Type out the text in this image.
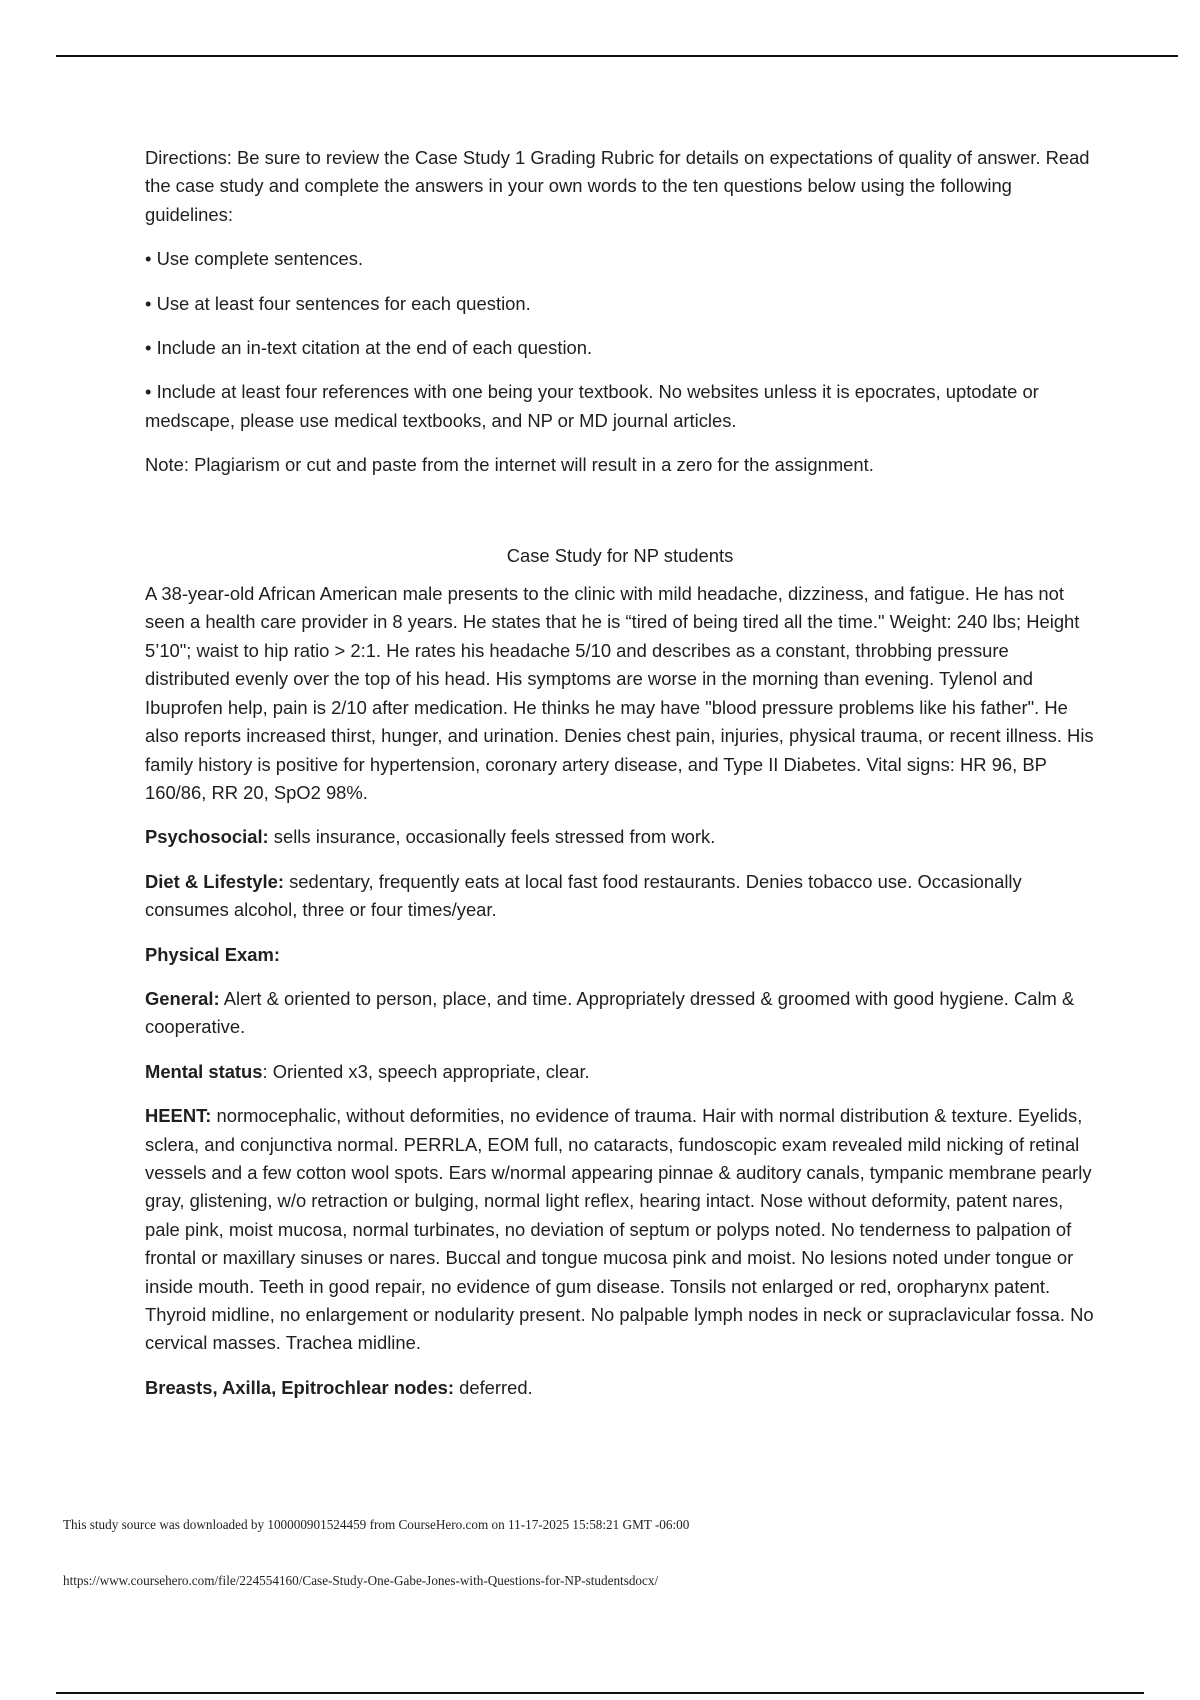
Directions: Be sure to review the Case Study 1 Grading Rubric for details on expectations of quality of answer. Read the case study and complete the answers in your own words to the ten questions below using the following guidelines:

• Use complete sentences.

• Use at least four sentences for each question.

• Include an in-text citation at the end of each question.

• Include at least four references with one being your textbook. No websites unless it is epocrates, uptodate or medscape, please use medical textbooks, and NP or MD journal articles.

Note: Plagiarism or cut and paste from the internet will result in a zero for the assignment.

Case Study for NP students

A 38-year-old African American male presents to the clinic with mild headache, dizziness, and fatigue. He has not seen a health care provider in 8 years. He states that he is “tired of being tired all the time." Weight: 240 lbs; Height 5’10"; waist to hip ratio > 2:1. He rates his headache 5/10 and describes as a constant, throbbing pressure distributed evenly over the top of his head. His symptoms are worse in the morning than evening. Tylenol and Ibuprofen help, pain is 2/10 after medication. He thinks he may have "blood pressure problems like his father". He also reports increased thirst, hunger, and urination. Denies chest pain, injuries, physical trauma, or recent illness. His family history is positive for hypertension, coronary artery disease, and Type II Diabetes. Vital signs: HR 96, BP 160/86, RR 20, SpO2 98%.

Psychosocial: sells insurance, occasionally feels stressed from work.

Diet & Lifestyle: sedentary, frequently eats at local fast food restaurants. Denies tobacco use. Occasionally consumes alcohol, three or four times/year.

Physical Exam:

General: Alert & oriented to person, place, and time. Appropriately dressed & groomed with good hygiene. Calm & cooperative.

Mental status: Oriented x3, speech appropriate, clear.

HEENT: normocephalic, without deformities, no evidence of trauma. Hair with normal distribution & texture. Eyelids, sclera, and conjunctiva normal. PERRLA, EOM full, no cataracts, fundoscopic exam revealed mild nicking of retinal vessels and a few cotton wool spots. Ears w/normal appearing pinnae & auditory canals, tympanic membrane pearly gray, glistening, w/o retraction or bulging, normal light reflex, hearing intact. Nose without deformity, patent nares, pale pink, moist mucosa, normal turbinates, no deviation of septum or polyps noted. No tenderness to palpation of frontal or maxillary sinuses or nares. Buccal and tongue mucosa pink and moist. No lesions noted under tongue or inside mouth. Teeth in good repair, no evidence of gum disease. Tonsils not enlarged or red, oropharynx patent. Thyroid midline, no enlargement or nodularity present. No palpable lymph nodes in neck or supraclavicular fossa. No cervical masses. Trachea midline.

Breasts, Axilla, Epitrochlear nodes: deferred.

This study source was downloaded by 100000901524459 from CourseHero.com on 11-17-2025 15:58:21 GMT -06:00
https://www.coursehero.com/file/224554160/Case-Study-One-Gabe-Jones-with-Questions-for-NP-studentsdocx/
